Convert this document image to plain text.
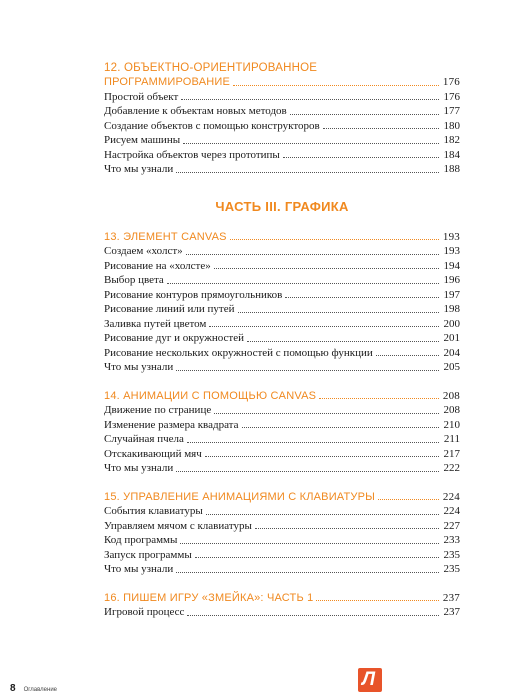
12. ОБЪЕКТНО-ОРИЕНТИРОВАННОЕ
ПРОГРАММИРОВАНИЕ	176
Простой объект	176
Добавление к объектам новых методов	177
Создание объектов с помощью конструкторов	180
Рисуем машины	182
Настройка объектов через прототипы	184
Что мы узнали	188
ЧАСТЬ III. ГРАФИКА
13. ЭЛЕМЕНТ CANVAS	193
Создаем «холст»	193
Рисование на «холсте»	194
Выбор цвета	196
Рисование контуров прямоугольников	197
Рисование линий или путей	198
Заливка путей цветом	200
Рисование дуг и окружностей	201
Рисование нескольких окружностей с помощью функции	204
Что мы узнали	205
14. АНИМАЦИИ С ПОМОЩЬЮ CANVAS	208
Движение по странице	208
Изменение размера квадрата	210
Случайная пчела	211
Отскакивающий мяч	217
Что мы узнали	222
15. УПРАВЛЕНИЕ АНИМАЦИЯМИ С КЛАВИАТУРЫ	224
События клавиатуры	224
Управляем мячом с клавиатуры	227
Код программы	233
Запуск программы	235
Что мы узнали	235
16. ПИШЕМ ИГРУ «ЗМЕЙКА»: ЧАСТЬ 1	237
Игровой процесс	237
8 Оглавление	Л
